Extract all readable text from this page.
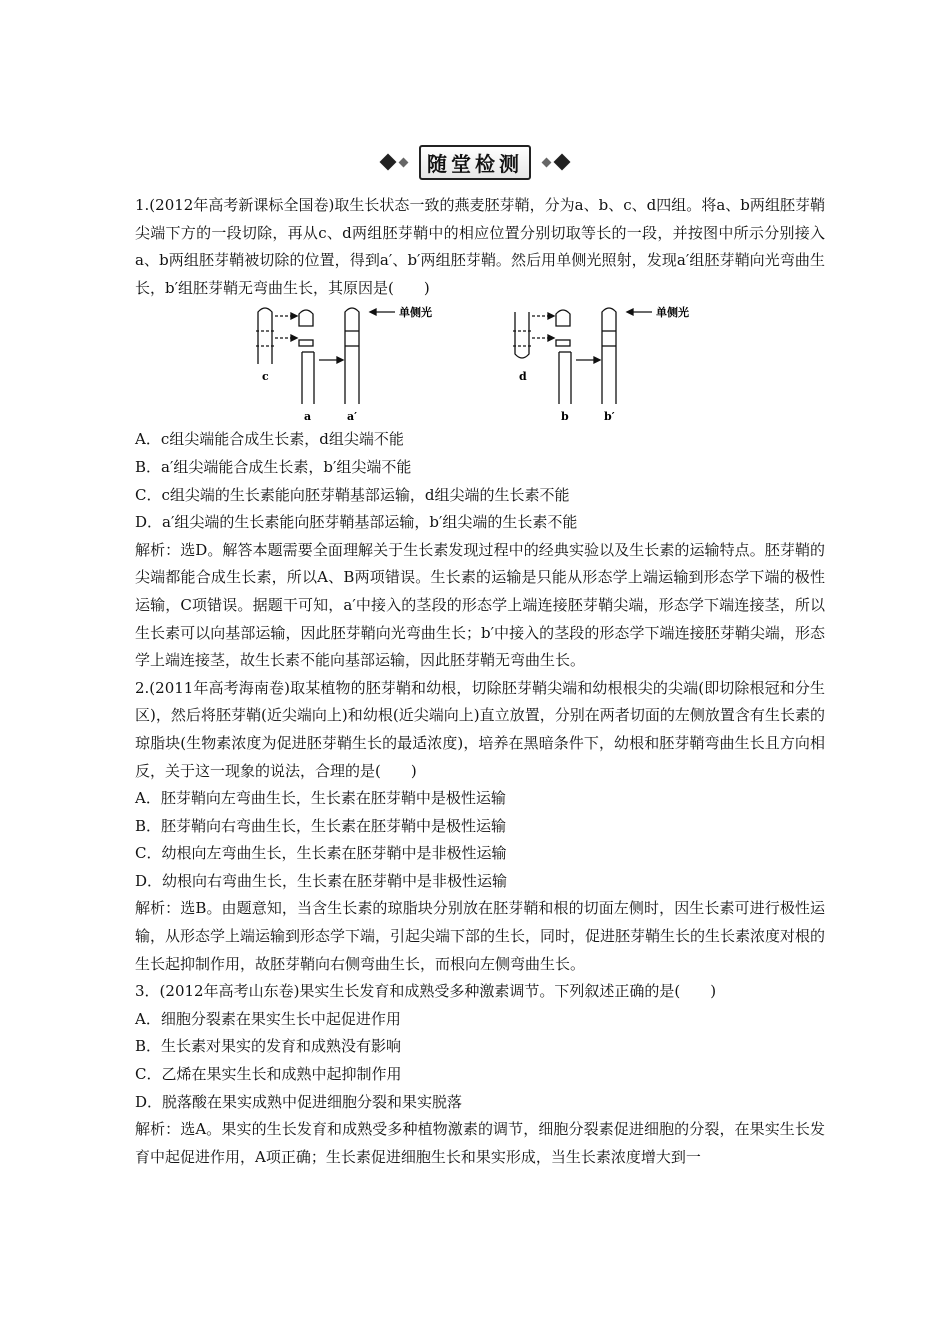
随堂检测

1.(2012年高考新课标全国卷)取生长状态一致的燕麦胚芽鞘，分为a、b、c、d四组。将a、b两组胚芽鞘尖端下方的一段切除，再从c、d两组胚芽鞘中的相应位置分别切取等长的一段，并按图中所示分别接入a、b两组胚芽鞘被切除的位置，得到a′、b′两组胚芽鞘。然后用单侧光照射，发现a′组胚芽鞘向光弯曲生长，b′组胚芽鞘无弯曲生长，其原因是(　　)

单侧光	单侧光
c
a	a′
d
b	b′

A．c组尖端能合成生长素，d组尖端不能

B．a′组尖端能合成生长素，b′组尖端不能

C．c组尖端的生长素能向胚芽鞘基部运输，d组尖端的生长素不能

D．a′组尖端的生长素能向胚芽鞘基部运输，b′组尖端的生长素不能

解析：选D。解答本题需要全面理解关于生长素发现过程中的经典实验以及生长素的运输特点。胚芽鞘的尖端都能合成生长素，所以A、B两项错误。生长素的运输是只能从形态学上端运输到形态学下端的极性运输，C项错误。据题干可知，a′中接入的茎段的形态学上端连接胚芽鞘尖端，形态学下端连接茎，所以生长素可以向基部运输，因此胚芽鞘向光弯曲生长；b′中接入的茎段的形态学下端连接胚芽鞘尖端，形态学上端连接茎，故生长素不能向基部运输，因此胚芽鞘无弯曲生长。

2.(2011年高考海南卷)取某植物的胚芽鞘和幼根，切除胚芽鞘尖端和幼根根尖的尖端(即切除根冠和分生区)，然后将胚芽鞘(近尖端向上)和幼根(近尖端向上)直立放置，分别在两者切面的左侧放置含有生长素的琼脂块(生物素浓度为促进胚芽鞘生长的最适浓度)，培养在黑暗条件下，幼根和胚芽鞘弯曲生长且方向相反，关于这一现象的说法，合理的是(　　)

A．胚芽鞘向左弯曲生长，生长素在胚芽鞘中是极性运输

B．胚芽鞘向右弯曲生长，生长素在胚芽鞘中是极性运输

C．幼根向左弯曲生长，生长素在胚芽鞘中是非极性运输

D．幼根向右弯曲生长，生长素在胚芽鞘中是非极性运输

解析：选B。由题意知，当含生长素的琼脂块分别放在胚芽鞘和根的切面左侧时，因生长素可进行极性运输，从形态学上端运输到形态学下端，引起尖端下部的生长，同时，促进胚芽鞘生长的生长素浓度对根的生长起抑制作用，故胚芽鞘向右侧弯曲生长，而根向左侧弯曲生长。

3．(2012年高考山东卷)果实生长发育和成熟受多种激素调节。下列叙述正确的是(　　)

A．细胞分裂素在果实生长中起促进作用

B．生长素对果实的发育和成熟没有影响

C．乙烯在果实生长和成熟中起抑制作用

D．脱落酸在果实成熟中促进细胞分裂和果实脱落

解析：选A。果实的生长发育和成熟受多种植物激素的调节，细胞分裂素促进细胞的分裂，在果实生长发育中起促进作用，A项正确；生长素促进细胞生长和果实形成，当生长素浓度增大到一
